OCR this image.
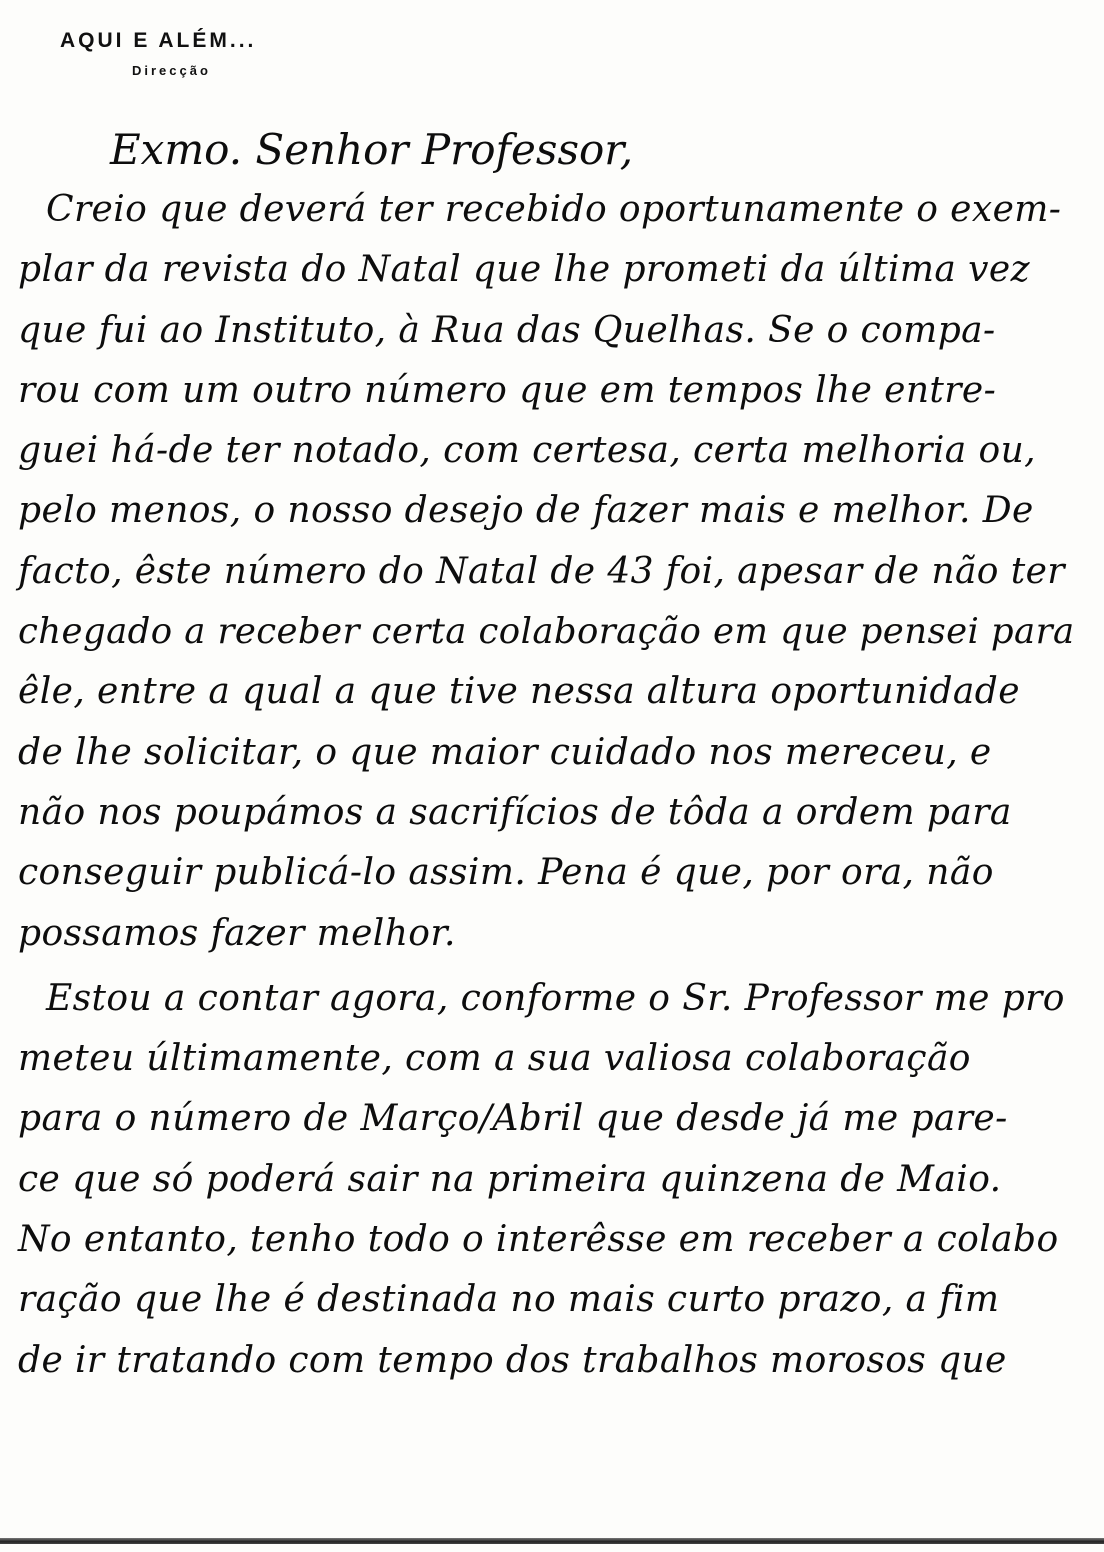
AQUI E ALÉM...
Direcção
Exmo. Senhor Professor,
Creio que deverá ter recebido oportunamente o exem-
plar da revista do Natal que lhe prometi da última vez
que fui ao Instituto, à Rua das Quelhas. Se o compa-
rou com um outro número que em tempos lhe entre-
guei há-de ter notado, com certesa, certa melhoria ou,
pelo menos, o nosso desejo de fazer mais e melhor. De
facto, êste número do Natal de 43 foi, apesar de não ter
chegado a receber certa colaboração em que pensei para
êle, entre a qual a que tive nessa altura oportunidade
de lhe solicitar, o que maior cuidado nos mereceu, e
não nos poupámos a sacrifícios de tôda a ordem para
conseguir publicá-lo assim. Pena é que, por ora, não
possamos fazer melhor.
Estou a contar agora, conforme o Sr. Professor me pro
meteu últimamente, com a sua valiosa colaboração
para o número de Março/Abril que desde já me pare-
ce que só poderá sair na primeira quinzena de Maio.
No entanto, tenho todo o interêsse em receber a colabo
ração que lhe é destinada no mais curto prazo, a fim
de ir tratando com tempo dos trabalhos morosos que
